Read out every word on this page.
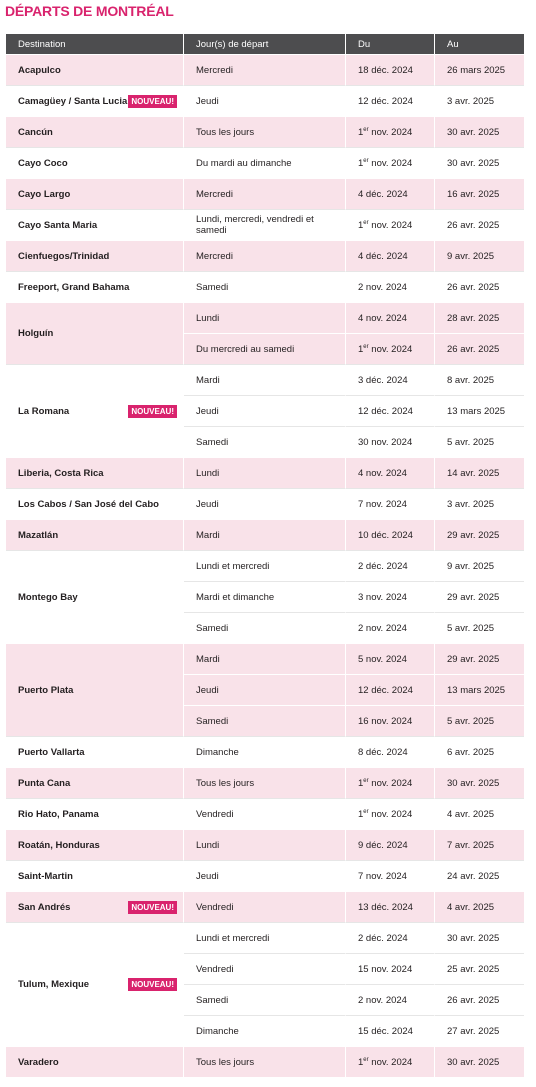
DÉPARTS DE MONTRÉAL
Destination	Jour(s) de départ	Du	Au

Acapulco	Mercredi	18 déc. 2024	26 mars 2025

Camagüey / Santa Lucia NOUVEAU!	Jeudi	12 déc. 2024	3 avr. 2025

Cancún	Tous les jours	1er nov. 2024	30 avr. 2025

Cayo Coco	Du mardi au dimanche	1er nov. 2024	30 avr. 2025

Cayo Largo	Mercredi	4 déc. 2024	16 avr. 2025

Cayo Santa Maria	Lundi, mercredi, vendredi et samedi	1er nov. 2024	26 avr. 2025

Cienfuegos/Trinidad	Mercredi	4 déc. 2024	9 avr. 2025

Freeport, Grand Bahama	Samedi	2 nov. 2024	26 avr. 2025

Holguín	Lundi	4 nov. 2024	28 avr. 2025
	Du mercredi au samedi	1er nov. 2024	26 avr. 2025

La Romana NOUVEAU!	Mardi	3 déc. 2024	8 avr. 2025
	Jeudi	12 déc. 2024	13 mars 2025
	Samedi	30 nov. 2024	5 avr. 2025

Liberia, Costa Rica	Lundi	4 nov. 2024	14 avr. 2025

Los Cabos / San José del Cabo	Jeudi	7 nov. 2024	3 avr. 2025

Mazatlán	Mardi	10 déc. 2024	29 avr. 2025

Montego Bay	Lundi et mercredi	2 déc. 2024	9 avr. 2025
	Mardi et dimanche	3 nov. 2024	29 avr. 2025
	Samedi	2 nov. 2024	5 avr. 2025

Puerto Plata	Mardi	5 nov. 2024	29 avr. 2025
	Jeudi	12 déc. 2024	13 mars 2025
	Samedi	16 nov. 2024	5 avr. 2025

Puerto Vallarta	Dimanche	8 déc. 2024	6 avr. 2025

Punta Cana	Tous les jours	1er nov. 2024	30 avr. 2025

Rio Hato, Panama	Vendredi	1er nov. 2024	4 avr. 2025

Roatán, Honduras	Lundi	9 déc. 2024	7 avr. 2025

Saint-Martin	Jeudi	7 nov. 2024	24 avr. 2025

San Andrés NOUVEAU!	Vendredi	13 déc. 2024	4 avr. 2025

Tulum, Mexique NOUVEAU!	Lundi et mercredi	2 déc. 2024	30 avr. 2025
	Vendredi	15 nov. 2024	25 avr. 2025
	Samedi	2 nov. 2024	26 avr. 2025
	Dimanche	15 déc. 2024	27 avr. 2025

Varadero	Tous les jours	1er nov. 2024	30 avr. 2025
